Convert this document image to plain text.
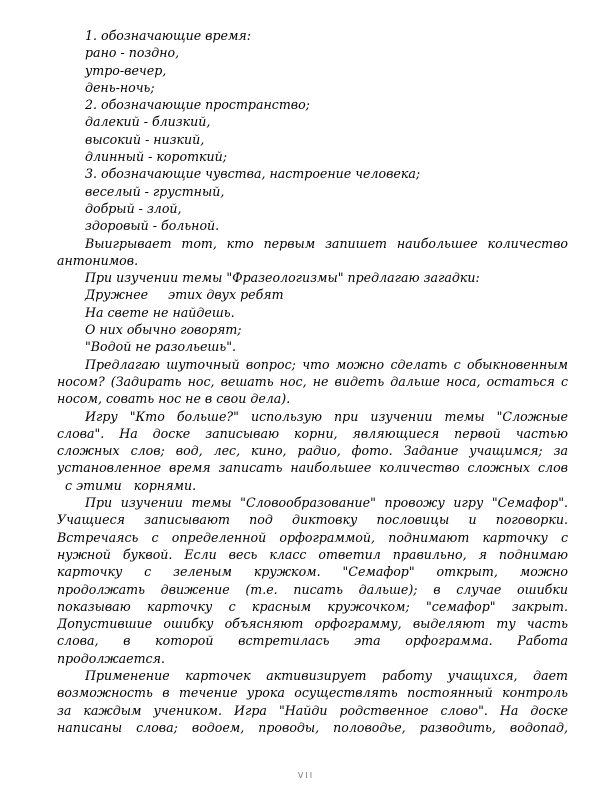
1. обозначающие время:
рано - поздно,
утро-вечер,
день-ночь;
2. обозначающие пространство;
далекий - близкий,
высокий - низкий,
длинный - короткий;
3. обозначающие чувства, настроение человека;
веселый - грустный,
добрый - злой,
здоровый - больной.
Выигрывает тот, кто первым запишет наибольшее количество
антонимов.
При изучении темы "Фразеологизмы" предлагаю загадки:
Дружнее     этих двух ребят
На свете не найдешь.
О них обычно говорят;
"Водой не разольешь".
Предлагаю шуточный вопрос; что можно сделать с обыкновенным
носом? (Задирать нос, вешать нос, не видеть дальше носа, остаться с
носом, совать нос не в свои дела).
Игру "Кто больше?" использую при изучении темы "Сложные
слова". На доске записываю корни, являющиеся первой частью
сложных слов; вод, лес, кино, радио, фото. Задание учащимся; за
установленное время записать наибольшее количество сложных слов
с этими   корнями.
При изучении темы "Словообразование" провожу игру "Семафор".
Учащиеся записывают под диктовку пословицы и поговорки.
Встречаясь с определенной орфограммой, поднимают карточку с
нужной буквой. Если весь класс ответил правильно, я поднимаю
карточку с зеленым кружком. "Семафор" открыт, можно
продолжать движение (т.е. писать дальше); в случае ошибки
показываю карточку с красным кружочком; "семафор" закрыт.
Допустившие ошибку объясняют орфограмму, выделяют ту часть
слова, в которой встретилась эта орфограмма. Работа
продолжается.
Применение карточек активизирует работу учащихся, дает
возможность в течение урока осуществлять постоянный контроль
за каждым учеником. Игра "Найди родственное слово". На доске
написаны слова; водоем, проводы, половодье, разводить, водопад,
VII
